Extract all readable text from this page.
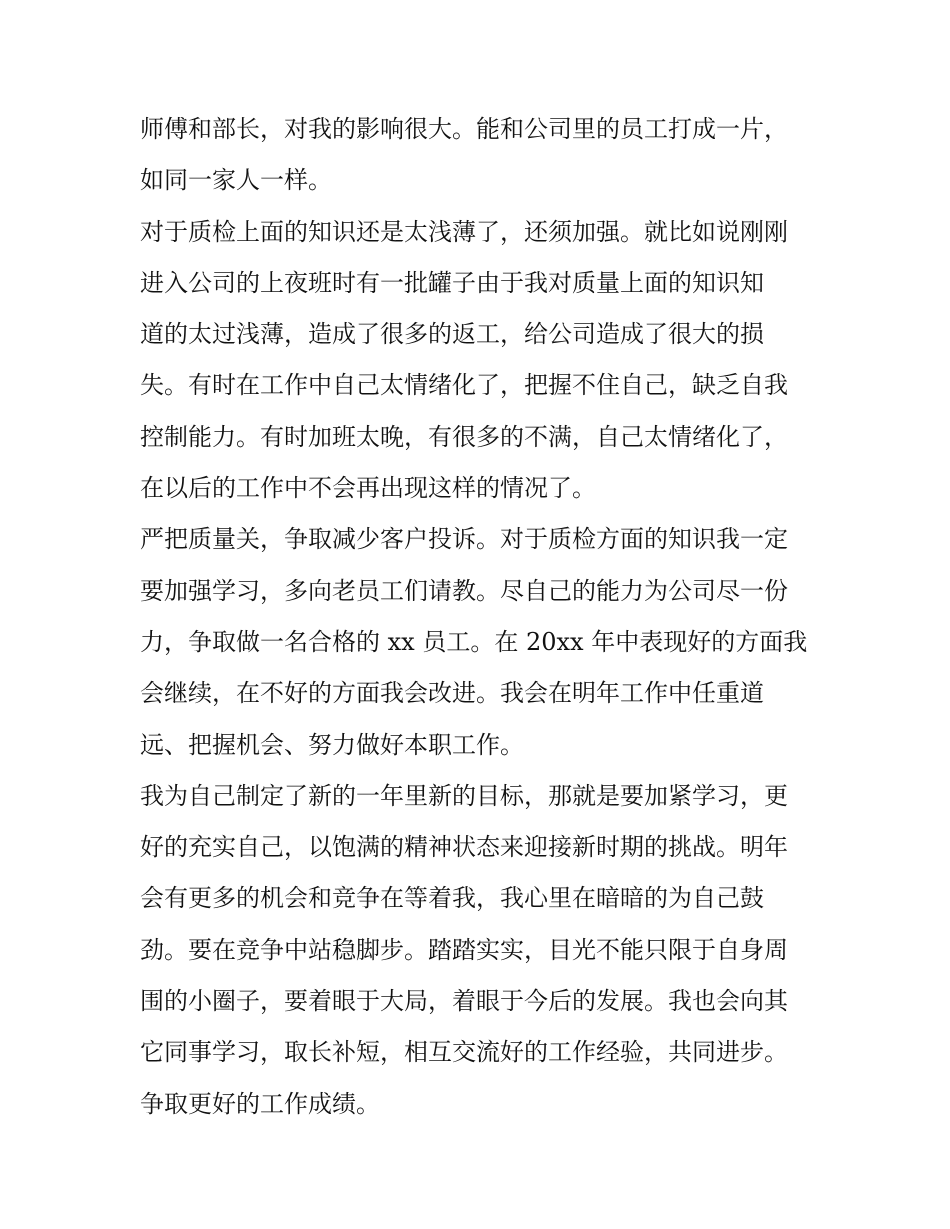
师傅和部长，对我的影响很大。能和公司里的员工打成一片，
如同一家人一样。
对于质检上面的知识还是太浅薄了，还须加强。就比如说刚刚
进入公司的上夜班时有一批罐子由于我对质量上面的知识知
道的太过浅薄，造成了很多的返工，给公司造成了很大的损
失。有时在工作中自己太情绪化了，把握不住自己，缺乏自我
控制能力。有时加班太晚，有很多的不满，自己太情绪化了，
在以后的工作中不会再出现这样的情况了。
严把质量关，争取减少客户投诉。对于质检方面的知识我一定
要加强学习，多向老员工们请教。尽自己的能力为公司尽一份
力，争取做一名合格的 xx 员工。在 20xx 年中表现好的方面我
会继续，在不好的方面我会改进。我会在明年工作中任重道
远、把握机会、努力做好本职工作。
我为自己制定了新的一年里新的目标，那就是要加紧学习，更
好的充实自己，以饱满的精神状态来迎接新时期的挑战。明年
会有更多的机会和竞争在等着我，我心里在暗暗的为自己鼓
劲。要在竞争中站稳脚步。踏踏实实，目光不能只限于自身周
围的小圈子，要着眼于大局，着眼于今后的发展。我也会向其
它同事学习，取长补短，相互交流好的工作经验，共同进步。
争取更好的工作成绩。
